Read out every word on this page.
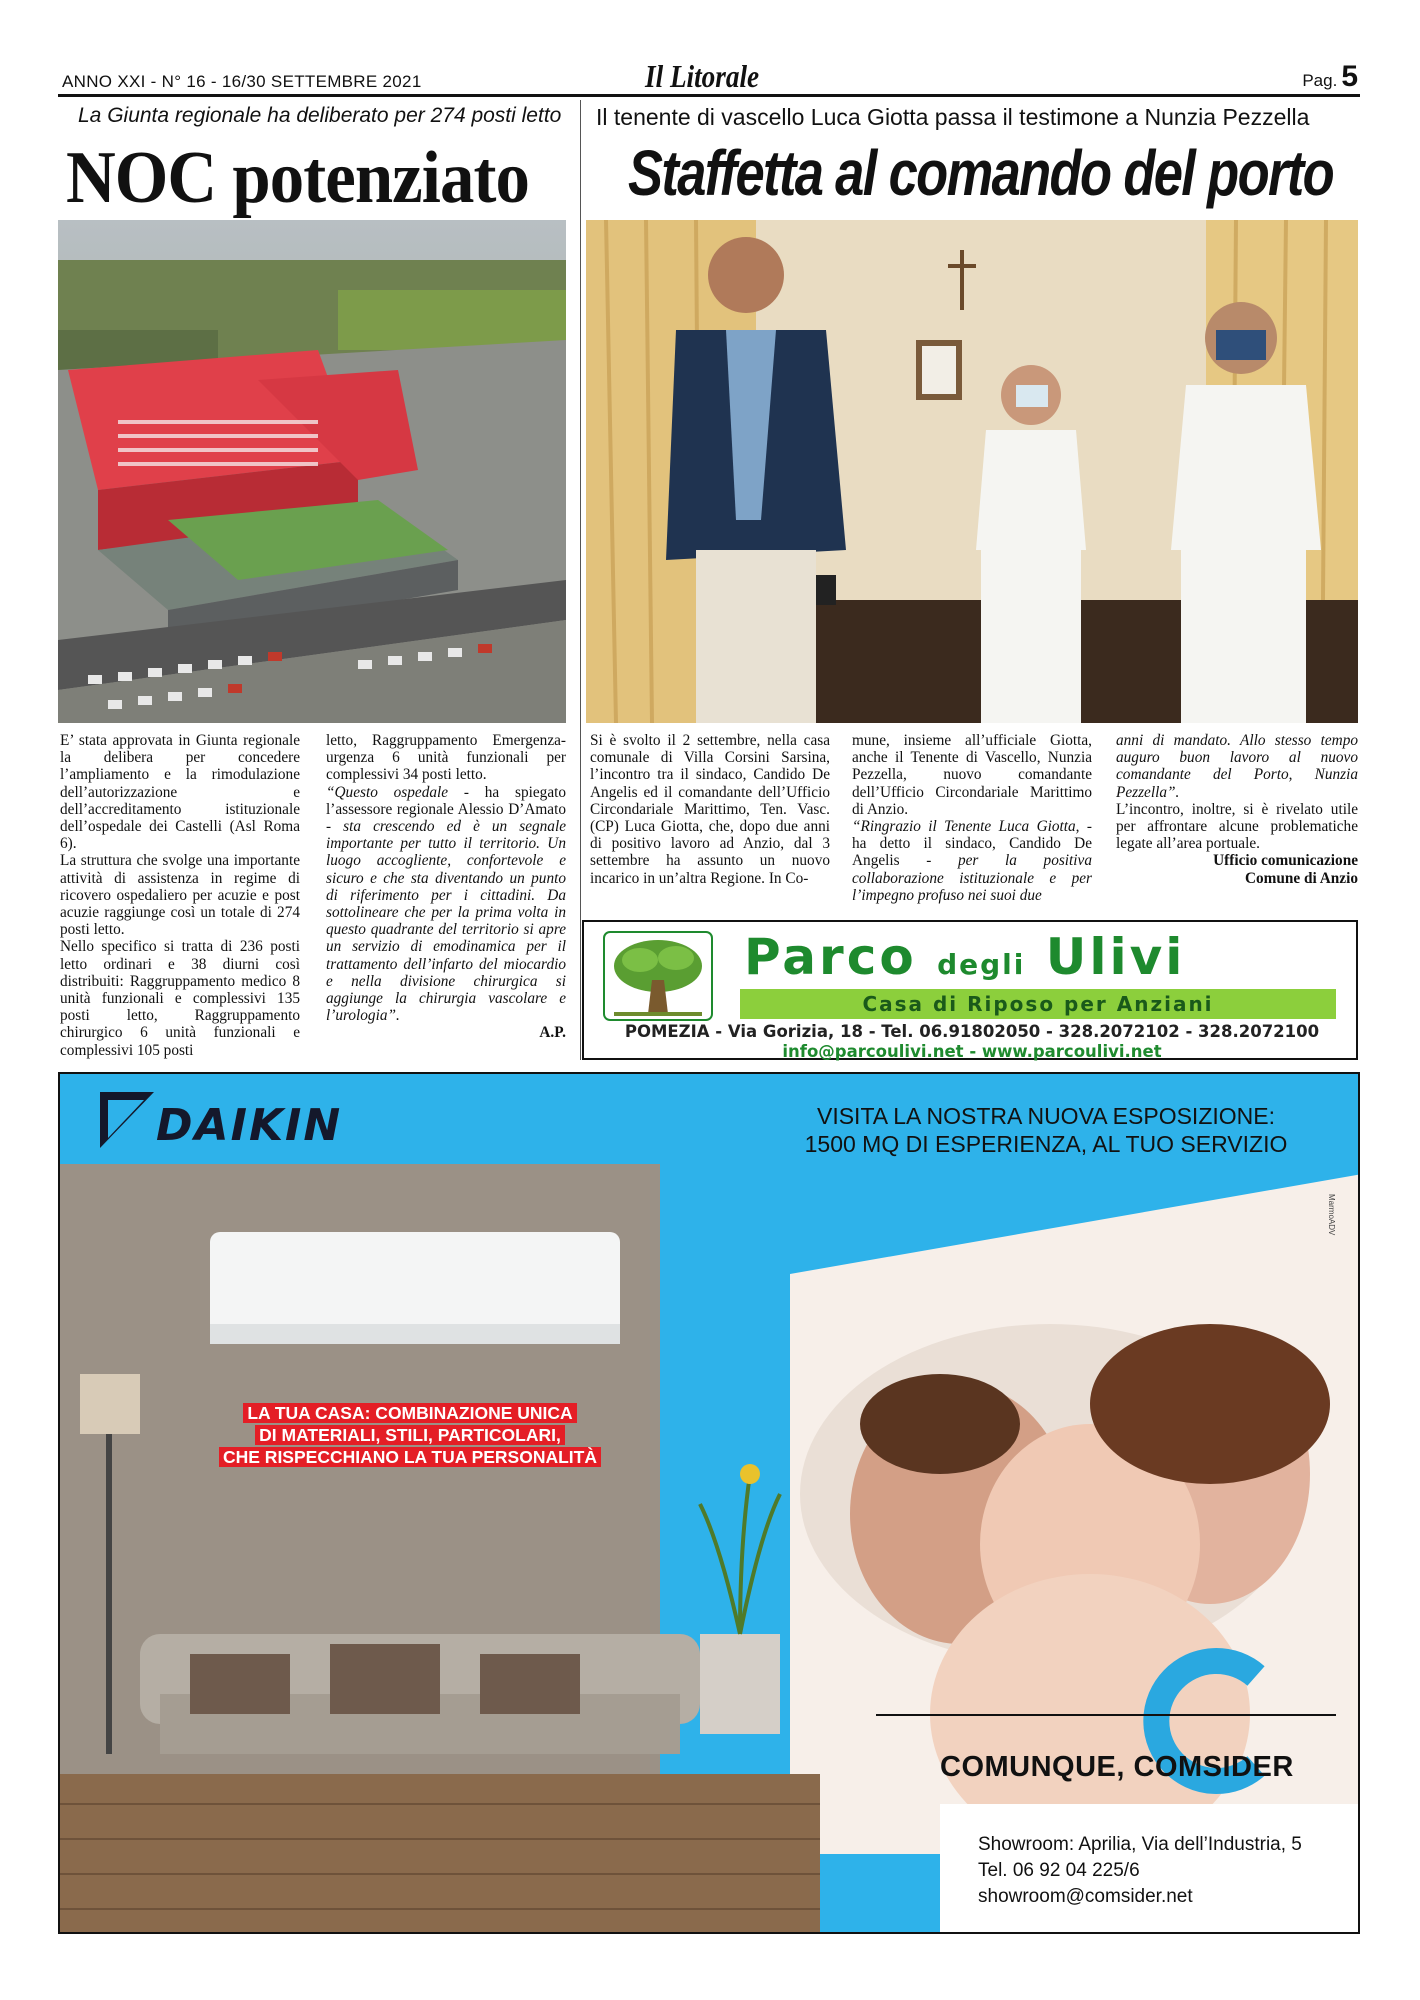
ANNO XXI - N° 16 - 16/30 SETTEMBRE 2021	Il Litorale	Pag. 5
La Giunta regionale ha deliberato per 274 posti letto
NOC potenziato

E’ stata approvata in Giunta regionale la delibera per concedere l’ampliamento e la rimodulazione dell’autorizzazione e dell’accreditamento istituzionale dell’ospedale dei Castelli (Asl Roma 6).

La struttura che svolge una importante attività di assistenza in regime di ricovero ospedaliero per acuzie e post acuzie raggiunge così un totale di 274 posti letto.

Nello specifico si tratta di 236 posti letto ordinari e 38 diurni così distribuiti: Raggruppamento medico 8 unità funzionali e complessivi 135 posti letto, Raggruppamento chirurgico 6 unità funzionali e complessivi 105 posti

letto, Raggruppamento Emergenza-urgenza 6 unità funzionali per complessivi 34 posti letto.

“Questo ospedale - ha spiegato l’assessore regionale Alessio D’Amato - sta crescendo ed è un segnale importante per tutto il territorio. Un luogo accogliente, confortevole e sicuro e che sta diventando un punto di riferimento per i cittadini. Da sottolineare che per la prima volta in questo quadrante del territorio si apre un servizio di emodinamica per il trattamento dell’infarto del miocardio e nella divisione chirurgica si aggiunge la chirurgia vascolare e l’urologia”.

A.P.

Il tenente di vascello Luca Giotta passa il testimone a Nunzia Pezzella
Staffetta al comando del porto

Si è svolto il 2 settembre, nella casa comunale di Villa Corsini Sarsina, l’incontro tra il sindaco, Candido De Angelis ed il comandante dell’Ufficio Circondariale Marittimo, Ten. Vasc. (CP) Luca Giotta, che, dopo due anni di positivo lavoro ad Anzio, dal 3 settembre ha assunto un nuovo incarico in un’altra Regione. In Co-

mune, insieme all’ufficiale Giotta, anche il Tenente di Vascello, Nunzia Pezzella, nuovo comandante dell’Ufficio Circondariale Marittimo di Anzio.

“Ringrazio il Tenente Luca Giotta, - ha detto il sindaco, Candido De Angelis - per la positiva collaborazione istituzionale e per l’impegno profuso nei suoi due

anni di mandato. Allo stesso tempo auguro buon lavoro al nuovo comandante del Porto, Nunzia Pezzella”.

L’incontro, inoltre, si è rivelato utile per affrontare alcune problematiche legate all’area portuale.

Ufficio comunicazione

Comune di Anzio

Parco degli Ulivi
Casa di Riposo per Anziani
POMEZIA - Via Gorizia, 18 - Tel. 06.91802050 - 328.2072102 - 328.2072100
info@parcoulivi.net - www.parcoulivi.net
DAIKIN	VISITA LA NOSTRA NUOVA ESPOSIZIONE:
1500 MQ DI ESPERIENZA, AL TUO SERVIZIO
LA TUA CASA: COMBINAZIONE UNICA
DI MATERIALI, STILI, PARTICOLARI,
CHE RISPECCHIANO LA TUA PERSONALITÀ
COMUNQUE, COMSIDER
Showroom: Aprilia, Via dell’Industria, 5
Tel. 06 92 04 225/6 showroom@comsider.net
MarmoADV
